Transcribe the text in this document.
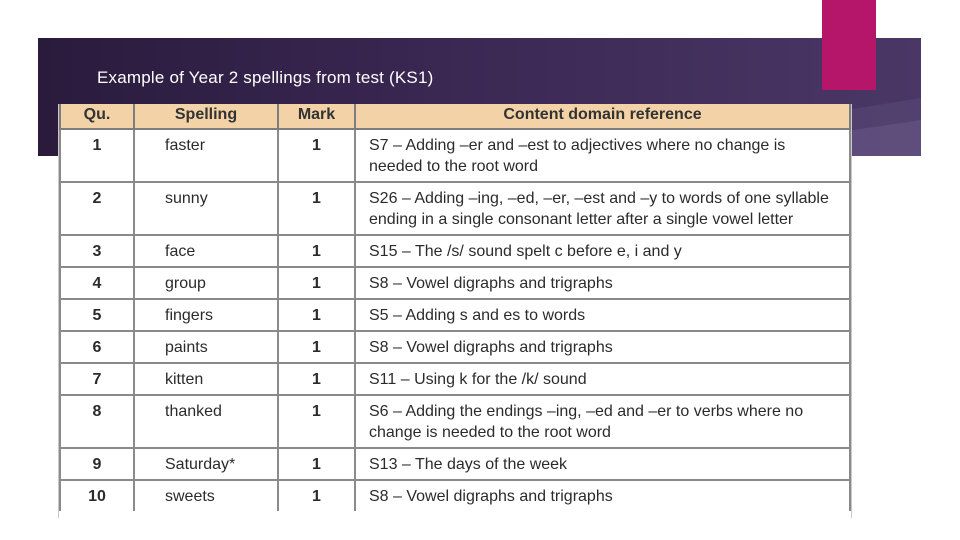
Example of Year 2 spellings from test (KS1)
Qu.	Spelling	Mark	Content domain reference
1	faster	1	S7 – Adding –er and –est to adjectives where no change is needed to the root word
2	sunny	1	S26 – Adding –ing, –ed, –er, –est and –y to words of one syllable ending in a single consonant letter after a single vowel letter
3	face	1	S15 – The /s/ sound spelt c before e, i and y
4	group	1	S8 – Vowel digraphs and trigraphs
5	fingers	1	S5 – Adding s and es to words
6	paints	1	S8 – Vowel digraphs and trigraphs
7	kitten	1	S11 – Using k for the /k/ sound
8	thanked	1	S6 – Adding the endings –ing, –ed and –er to verbs where no change is needed to the root word
9	Saturday*	1	S13 – The days of the week
10	sweets	1	S8 – Vowel digraphs and trigraphs
